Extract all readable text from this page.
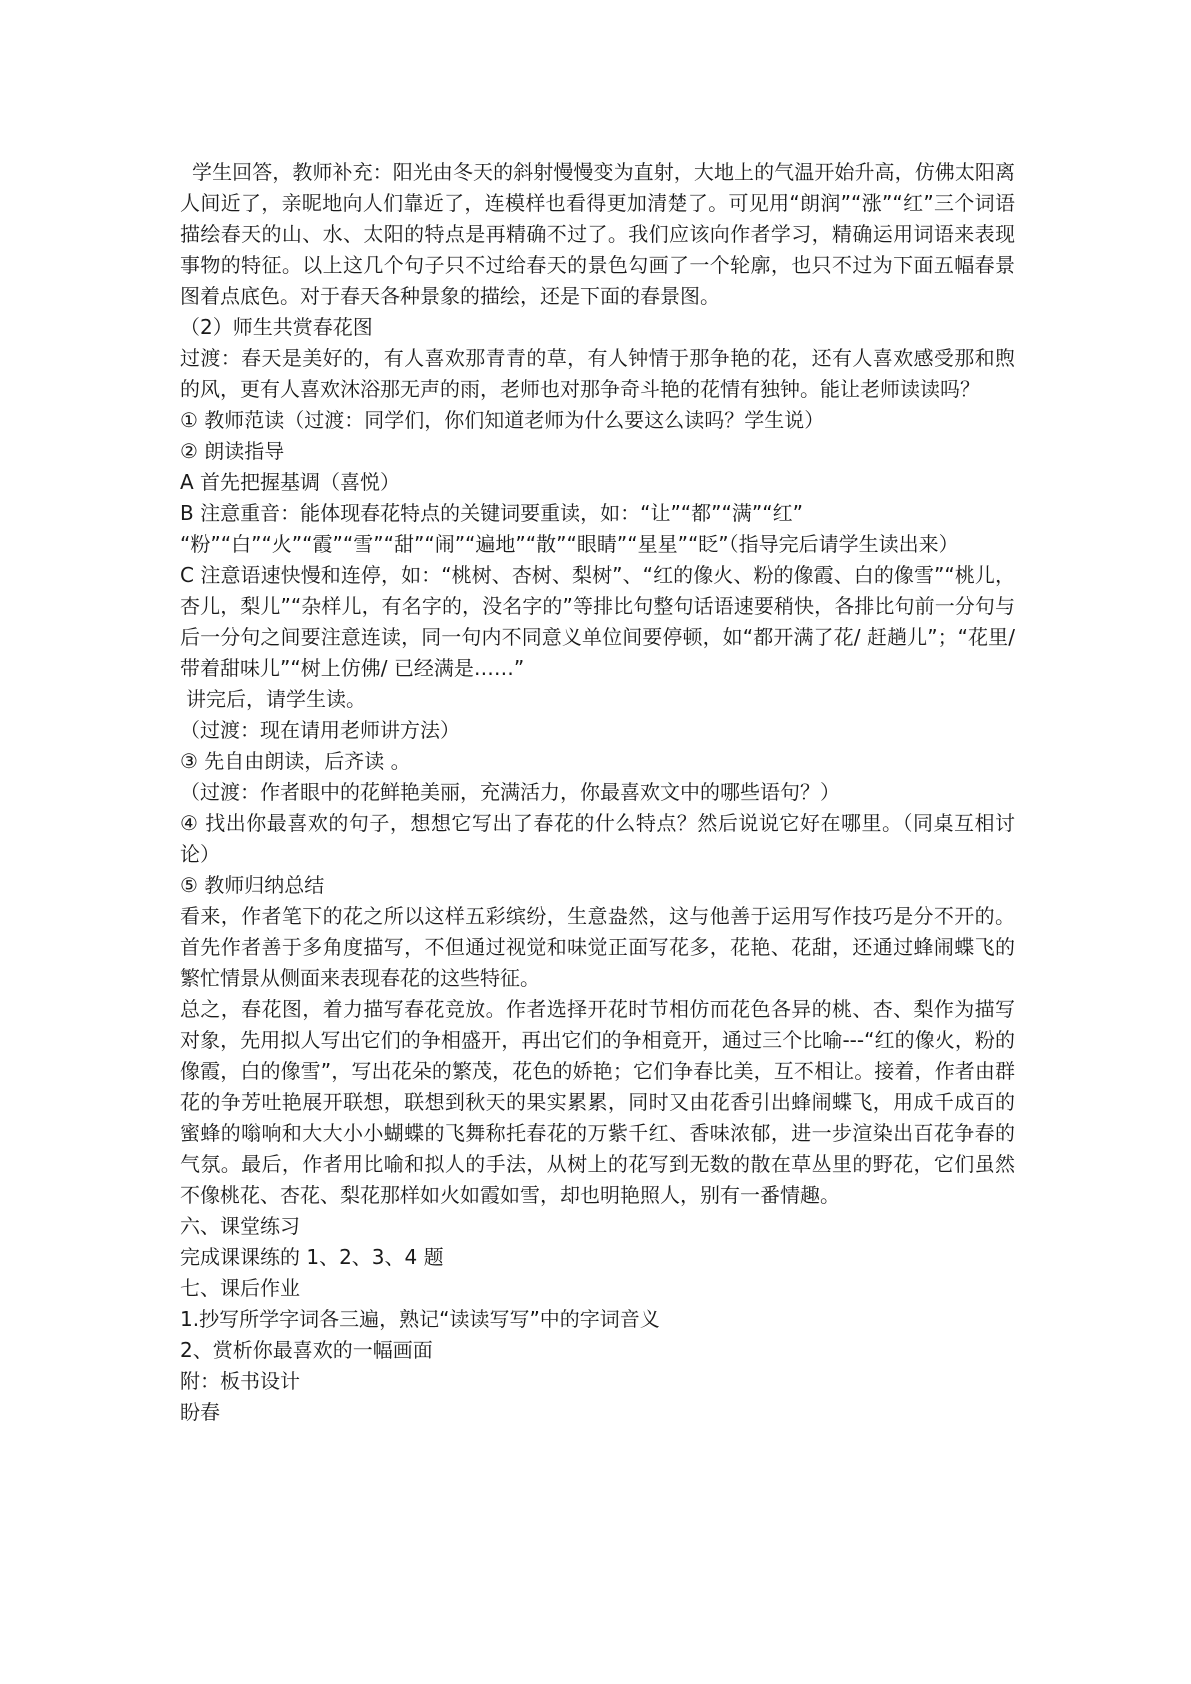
学生回答，教师补充：阳光由冬天的斜射慢慢变为直射，大地上的气温开始升高，仿佛太阳离人间近了，亲昵地向人们靠近了，连模样也看得更加清楚了。可见用“朗润”“涨”“红”三个词语描绘春天的山、水、太阳的特点是再精确不过了。我们应该向作者学习，精确运用词语来表现事物的特征。以上这几个句子只不过给春天的景色勾画了一个轮廓，也只不过为下面五幅春景图着点底色。对于春天各种景象的描绘，还是下面的春景图。

（2）师生共赏春花图

过渡：春天是美好的，有人喜欢那青青的草，有人钟情于那争艳的花，还有人喜欢感受那和煦的风，更有人喜欢沐浴那无声的雨，老师也对那争奇斗艳的花情有独钟。能让老师读读吗？

① 教师范读（过渡：同学们，你们知道老师为什么要这么读吗？学生说）

② 朗读指导

A 首先把握基调（喜悦）

B 注意重音：能体现春花特点的关键词要重读，如：“让”“都”“满”“红”

“粉”“白”“火”“霞”“雪”“甜”“闹”“遍地”“散”“眼睛”“星星”“眨”（指导完后请学生读出来）

C 注意语速快慢和连停，如：“桃树、杏树、梨树”、“红的像火、粉的像霞、白的像雪”“桃儿，杏儿，梨儿”“杂样儿，有名字的，没名字的”等排比句整句话语速要稍快，各排比句前一分句与后一分句之间要注意连读，同一句内不同意义单位间要停顿，如“都开满了花/ 赶趟儿”；“花里/ 带着甜味儿”“树上仿佛/ 已经满是……”

讲完后，请学生读。

（过渡：现在请用老师讲方法）

③ 先自由朗读，后齐读 。

（过渡：作者眼中的花鲜艳美丽，充满活力，你最喜欢文中的哪些语句？）

④ 找出你最喜欢的句子，想想它写出了春花的什么特点？然后说说它好在哪里。（同桌互相讨论）

⑤ 教师归纳总结

看来，作者笔下的花之所以这样五彩缤纷，生意盎然，这与他善于运用写作技巧是分不开的。首先作者善于多角度描写，不但通过视觉和味觉正面写花多，花艳、花甜，还通过蜂闹蝶飞的繁忙情景从侧面来表现春花的这些特征。

总之，春花图，着力描写春花竞放。作者选择开花时节相仿而花色各异的桃、杏、梨作为描写对象，先用拟人写出它们的争相盛开，再出它们的争相竟开，通过三个比喻---“红的像火，粉的像霞，白的像雪”，写出花朵的繁茂，花色的娇艳；它们争春比美，互不相让。接着，作者由群花的争芳吐艳展开联想，联想到秋天的果实累累，同时又由花香引出蜂闹蝶飞，用成千成百的蜜蜂的嗡响和大大小小蝴蝶的飞舞称托春花的万紫千红、香味浓郁，进一步渲染出百花争春的气氛。最后，作者用比喻和拟人的手法，从树上的花写到无数的散在草丛里的野花，它们虽然不像桃花、杏花、梨花那样如火如霞如雪，却也明艳照人，别有一番情趣。

六、课堂练习

完成课课练的 1、2、3、4 题

七、课后作业

1.抄写所学字词各三遍，熟记“读读写写”中的字词音义

2、赏析你最喜欢的一幅画面

附：板书设计

盼春
